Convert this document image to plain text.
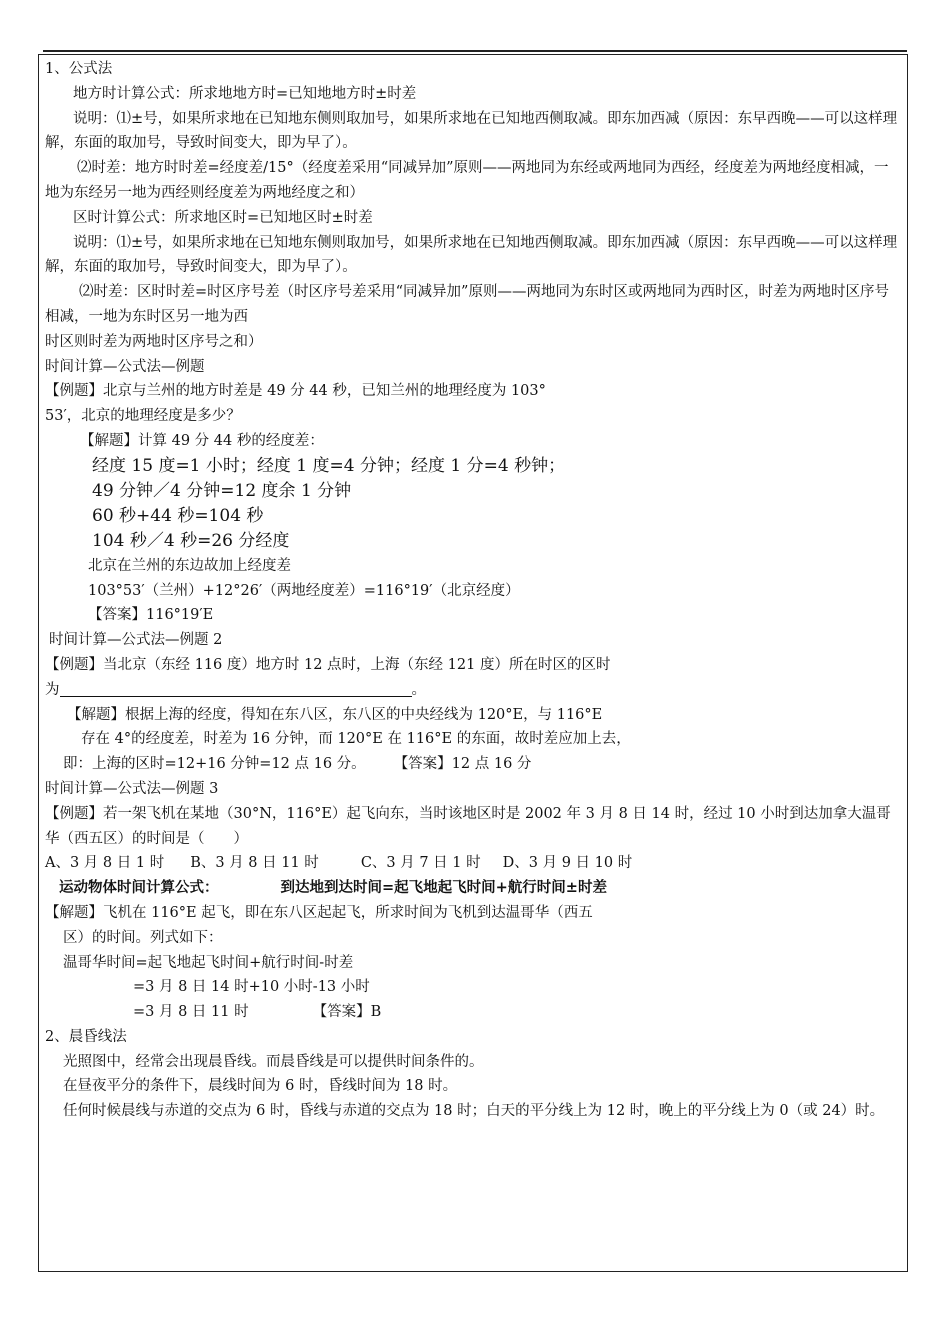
1、公式法

地方时计算公式：所求地地方时=已知地地方时±时差

说明：⑴±号，如果所求地在已知地东侧则取加号，如果所求地在已知地西侧取减。即东加西减（原因：东早西晚——可以这样理解，东面的取加号，导致时间变大，即为早了）。

⑵时差：地方时时差=经度差/15°（经度差采用“同减异加”原则——两地同为东经或两地同为西经，经度差为两地经度相减，一地为东经另一地为西经则经度差为两地经度之和）

区时计算公式：所求地区时=已知地区时±时差

说明：⑴±号，如果所求地在已知地东侧则取加号，如果所求地在已知地西侧取减。即东加西减（原因：东早西晚——可以这样理解，东面的取加号，导致时间变大，即为早了）。

⑵时差：区时时差=时区序号差（时区序号差采用“同减异加”原则——两地同为东时区或两地同为西时区，时差为两地时区序号相减，一地为东时区另一地为西

时区则时差为两地时区序号之和）

时间计算—公式法—例题

【例题】北京与兰州的地方时差是 49 分 44 秒，已知兰州的地理经度为 103°

53′，北京的地理经度是多少？

【解题】计算 49 分 44 秒的经度差：

经度 15 度=1 小时；经度 1 度=4 分钟；经度 1 分=4 秒钟；

49 分钟／4 分钟=12 度余 1 分钟

60 秒+44 秒=104 秒

104 秒／4 秒=26 分经度

北京在兰州的东边故加上经度差

103°53′（兰州）+12°26′（两地经度差）=116°19′（北京经度）

【答案】116°19′E

时间计算—公式法—例题 2

【例题】当北京（东经 116 度）地方时 12 点时，上海（东经 121 度）所在时区的区时

为	。

【解题】根据上海的经度，得知在东八区，东八区的中央经线为 120°E，与 116°E

存在 4°的经度差，时差为 16 分钟，而 120°E 在 116°E 的东面，故时差应加上去，

即：上海的区时=12+16 分钟=12 点 16 分。 【答案】12 点 16 分

时间计算—公式法—例题 3

【例题】若一架飞机在某地（30°N，116°E）起飞向东，当时该地区时是 2002 年 3 月 8 日 14 时，经过 10 小时到达加拿大温哥华（西五区）的时间是（　　）

A、3 月 8 日 1 时 B、3 月 8 日 11 时	C、3 月 7 日 1 时 D、3 月 9 日 10 时

运动物体时间计算公式：	到达地到达时间=起飞地起飞时间+航行时间±时差

【解题】飞机在 116°E 起飞，即在东八区起起飞，所求时间为飞机到达温哥华（西五

区）的时间。列式如下：

温哥华时间=起飞地起飞时间+航行时间-时差

=3 月 8 日 14 时+10 小时-13 小时

=3 月 8 日 11 时	【答案】B

2、晨昏线法

光照图中，经常会出现晨昏线。而晨昏线是可以提供时间条件的。

在昼夜平分的条件下，晨线时间为 6 时，昏线时间为 18 时。

任何时候晨线与赤道的交点为 6 时，昏线与赤道的交点为 18 时；白天的平分线上为 12 时，晚上的平分线上为 0（或 24）时。
